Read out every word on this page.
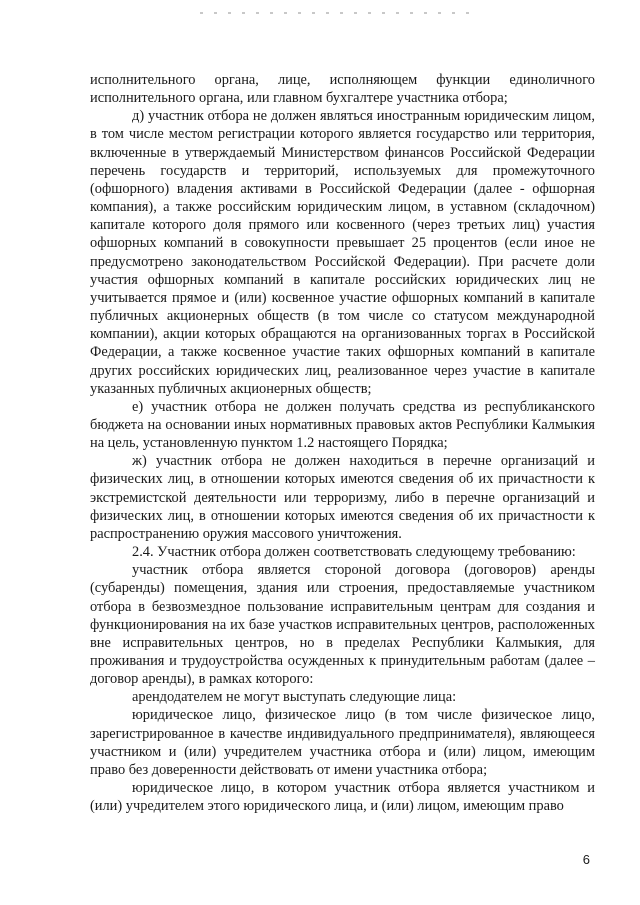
исполнительного органа, лице, исполняющем функции единоличного исполнительного органа, или главном бухгалтере участника отбора;

д) участник отбора не должен являться иностранным юридическим лицом, в том числе местом регистрации которого является государство или территория, включенные в утверждаемый Министерством финансов Российской Федерации перечень государств и территорий, используемых для промежуточного (офшорного) владения активами в Российской Федерации (далее - офшорная компания), а также российским юридическим лицом, в уставном (складочном) капитале которого доля прямого или косвенного (через третьих лиц) участия офшорных компаний в совокупности превышает 25 процентов (если иное не предусмотрено законодательством Российской Федерации). При расчете доли участия офшорных компаний в капитале российских юридических лиц не учитывается прямое и (или) косвенное участие офшорных компаний в капитале публичных акционерных обществ (в том числе со статусом международной компании), акции которых обращаются на организованных торгах в Российской Федерации, а также косвенное участие таких офшорных компаний в капитале других российских юридических лиц, реализованное через участие в капитале указанных публичных акционерных обществ;

е) участник отбора не должен получать средства из республиканского бюджета на основании иных нормативных правовых актов Республики Калмыкия на цель, установленную пунктом 1.2 настоящего Порядка;

ж) участник отбора не должен находиться в перечне организаций и физических лиц, в отношении которых имеются сведения об их причастности к экстремистской деятельности или терроризму, либо в перечне организаций и физических лиц, в отношении которых имеются сведения об их причастности к распространению оружия массового уничтожения.

2.4. Участник отбора должен соответствовать следующему требованию:

участник отбора является стороной договора (договоров) аренды (субаренды) помещения, здания или строения, предоставляемые участником отбора в безвозмездное пользование исправительным центрам для создания и функционирования на их базе участков исправительных центров, расположенных вне исправительных центров, но в пределах Республики Калмыкия, для проживания и трудоустройства осужденных к принудительным работам (далее – договор аренды), в рамках которого:

арендодателем не могут выступать следующие лица:

юридическое лицо, физическое лицо (в том числе физическое лицо, зарегистрированное в качестве индивидуального предпринимателя), являющееся участником и (или) учредителем участника отбора и (или) лицом, имеющим право без доверенности действовать от имени участника отбора;

юридическое лицо, в котором участник отбора является участником и (или) учредителем этого юридического лица, и (или) лицом, имеющим право

6
